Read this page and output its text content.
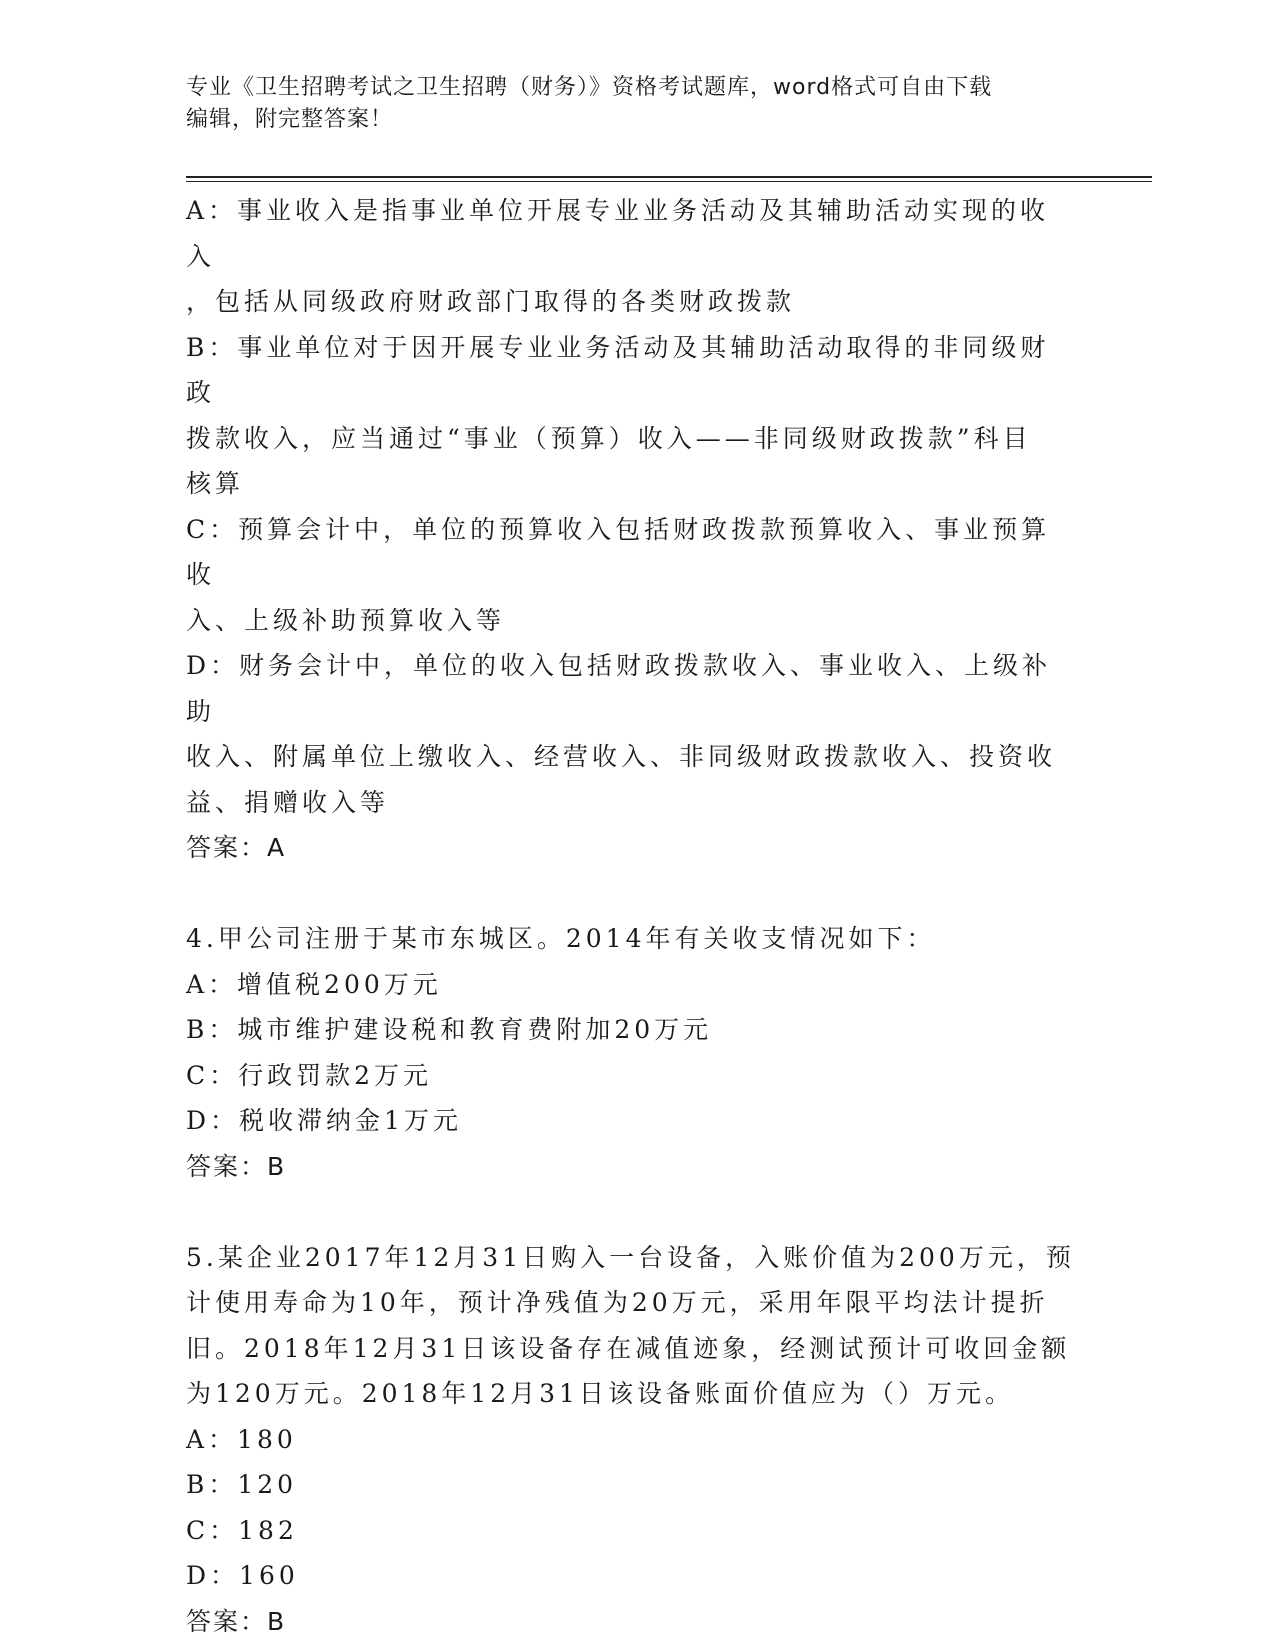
专业《卫生招聘考试之卫生招聘（财务）》资格考试题库，word格式可自由下载
编辑，附完整答案！
A：事业收入是指事业单位开展专业业务活动及其辅助活动实现的收入
，包括从同级政府财政部门取得的各类财政拨款
B：事业单位对于因开展专业业务活动及其辅助活动取得的非同级财政
拨款收入，应当通过“事业（预算）收入——非同级财政拨款”科目
核算
C：预算会计中，单位的预算收入包括财政拨款预算收入、事业预算收
入、上级补助预算收入等
D：财务会计中，单位的收入包括财政拨款收入、事业收入、上级补助
收入、附属单位上缴收入、经营收入、非同级财政拨款收入、投资收
益、捐赠收入等
答案：A
4.甲公司注册于某市东城区。2014年有关收支情况如下：
A：增值税200万元
B：城市维护建设税和教育费附加20万元
C：行政罚款2万元
D：税收滞纳金1万元
答案：B
5.某企业2017年12月31日购入一台设备，入账价值为200万元，预
计使用寿命为10年，预计净残值为20万元，采用年限平均法计提折
旧。2018年12月31日该设备存在减值迹象，经测试预计可收回金额
为120万元。2018年12月31日该设备账面价值应为（）万元。
A：180
B：120
C：182
D：160
答案：B
